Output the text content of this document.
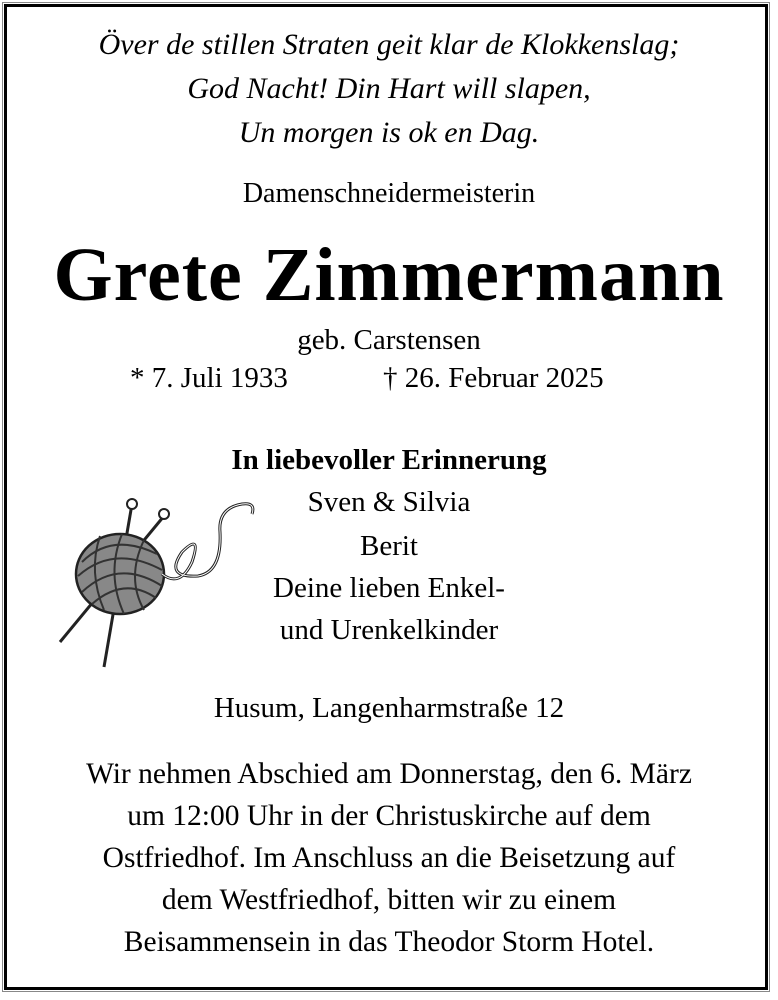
Över de stillen Straten geit klar de Klokkenslag;
God Nacht! Din Hart will slapen,
Un morgen is ok en Dag.
Damenschneidermeisterin
Grete Zimmermann
geb. Carstensen
* 7. Juli 1933	† 26. Februar 2025
In liebevoller Erinnerung
Sven & Silvia
Berit
Deine lieben Enkel-
und Urenkelkinder
Husum, Langenharmstraße 12
Wir nehmen Abschied am Donnerstag, den 6. März
um 12:00 Uhr in der Christuskirche auf dem
Ostfriedhof. Im Anschluss an die Beisetzung auf
dem Westfriedhof, bitten wir zu einem
Beisammensein in das Theodor Storm Hotel.
